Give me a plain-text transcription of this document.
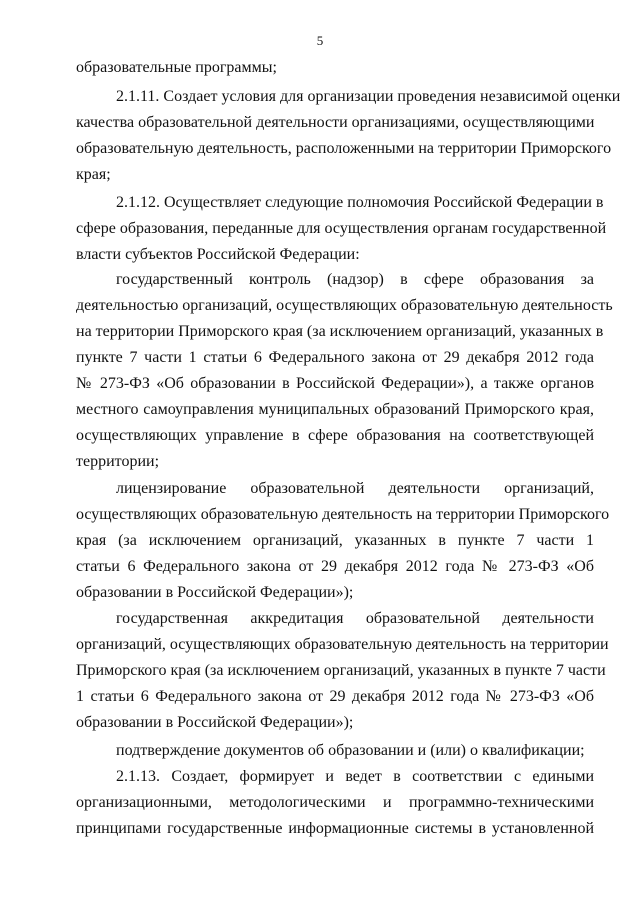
5
образовательные программы;
2.1.11. Создает условия для организации проведения независимой оценки
качества образовательной деятельности организациями, осуществляющими
образовательную деятельность, расположенными на территории Приморского
края;
2.1.12. Осуществляет следующие полномочия Российской Федерации в
сфере образования, переданные для осуществления органам государственной
власти субъектов Российской Федерации:
государственный контроль (надзор) в сфере образования за
деятельностью организаций, осуществляющих образовательную деятельность
на территории Приморского края (за исключением организаций, указанных в
пункте 7 части 1 статьи 6 Федерального закона от 29 декабря 2012 года
№ 273-ФЗ «Об образовании в Российской Федерации»), а также органов
местного самоуправления муниципальных образований Приморского края,
осуществляющих управление в сфере образования на соответствующей
территории;
лицензирование образовательной деятельности организаций,
осуществляющих образовательную деятельность на территории Приморского
края (за исключением организаций, указанных в пункте 7 части 1
статьи 6 Федерального закона от 29 декабря 2012 года № 273-ФЗ «Об
образовании в Российской Федерации»);
государственная аккредитация образовательной деятельности
организаций, осуществляющих образовательную деятельность на территории
Приморского края (за исключением организаций, указанных в пункте 7 части
1 статьи 6 Федерального закона от 29 декабря 2012 года № 273-ФЗ «Об
образовании в Российской Федерации»);
подтверждение документов об образовании и (или) о квалификации;
2.1.13. Создает, формирует и ведет в соответствии с едиными
организационными, методологическими и программно-техническими
принципами государственные информационные системы в установленной
